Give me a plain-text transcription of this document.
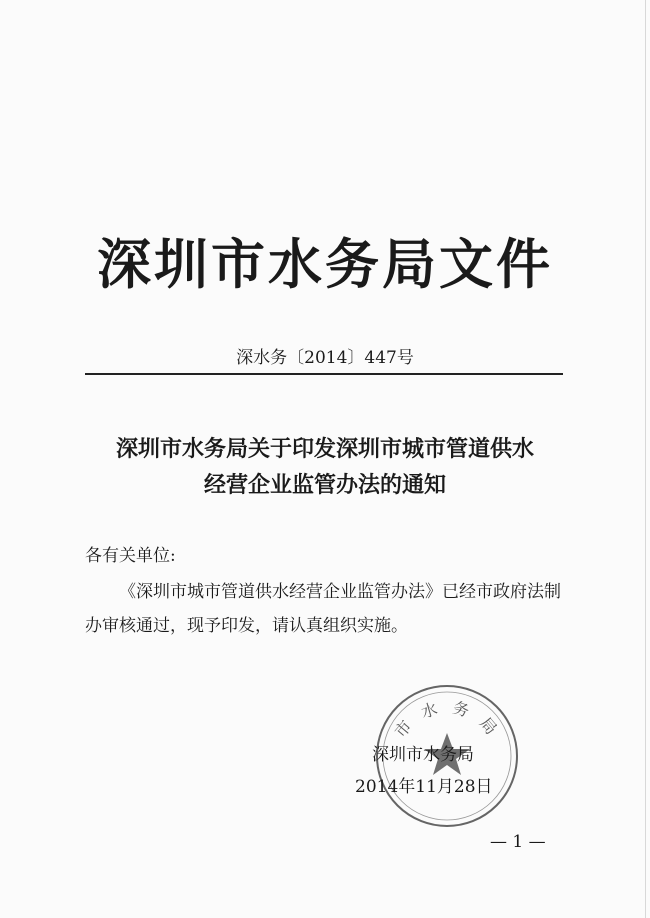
深圳市水务局文件
深水务〔2014〕447号
深圳市水务局关于印发深圳市城市管道供水
经营企业监管办法的通知
各有关单位:
《深圳市城市管道供水经营企业监管办法》已经市政府法制
办审核通过，现予印发，请认真组织实施。
市 水 务 局
深圳市水务局
2014年11月28日
— 1 —
